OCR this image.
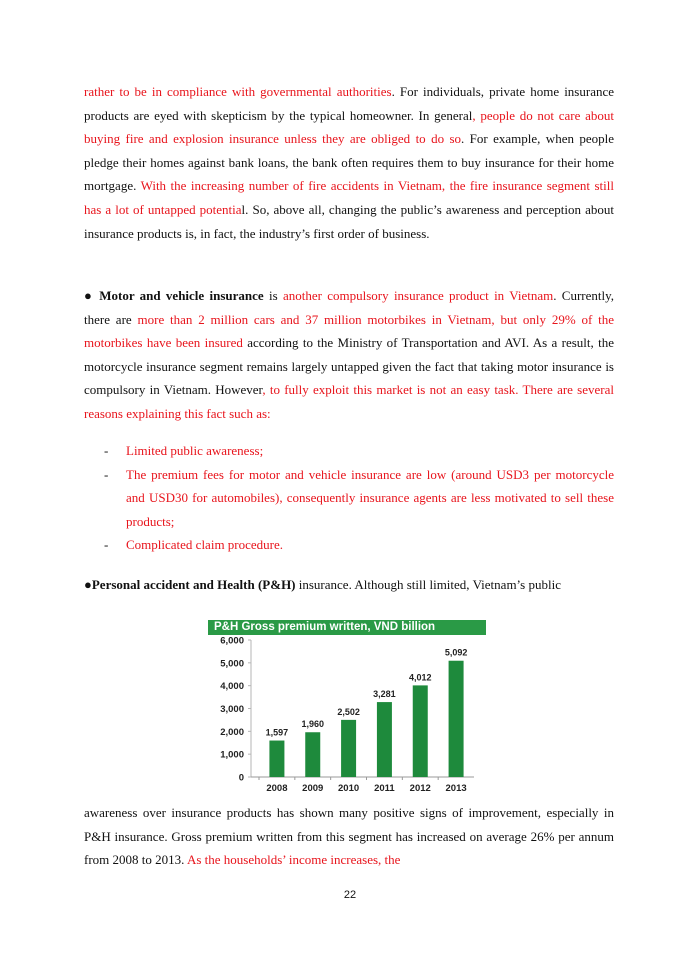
rather to be in compliance with governmental authorities. For individuals, private home insurance products are eyed with skepticism by the typical homeowner. In general, people do not care about buying fire and explosion insurance unless they are obliged to do so. For example, when people pledge their homes against bank loans, the bank often requires them to buy insurance for their home mortgage. With the increasing number of fire accidents in Vietnam, the fire insurance segment still has a lot of untapped potential. So, above all, changing the public’s awareness and perception about insurance products is, in fact, the industry’s first order of business.
● Motor and vehicle insurance is another compulsory insurance product in Vietnam. Currently, there are more than 2 million cars and 37 million motorbikes in Vietnam, but only 29% of the motorbikes have been insured according to the Ministry of Transportation and AVI. As a result, the motorcycle insurance segment remains largely untapped given the fact that taking motor insurance is compulsory in Vietnam. However, to fully exploit this market is not an easy task. There are several reasons explaining this fact such as:
- Limited public awareness;
- The premium fees for motor and vehicle insurance are low (around USD3 per motorcycle and USD30 for automobiles), consequently insurance agents are less motivated to sell these products;
- Complicated claim procedure.
●Personal accident and Health (P&H) insurance. Although still limited, Vietnam’s public
P&H Gross premium written, VND billion
0
1,000
2,000
3,000
4,000
5,000
6,000
1,597
2008
1,960
2009
2,502
2010
3,281
2011
4,012
2012
5,092
2013
awareness over insurance products has shown many positive signs of improvement, especially in P&H insurance. Gross premium written from this segment has increased on average 26% per annum from 2008 to 2013. As the households’ income increases, the
22
